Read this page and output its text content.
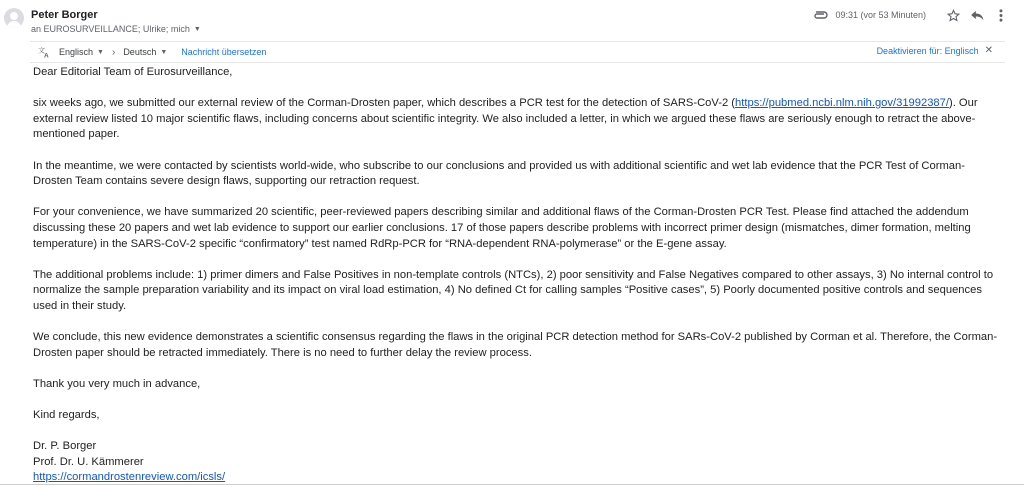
Peter Borger
an EUROSURVEILLANCE; Ulrike; mich ▼
09:31 (vor 53 Minuten)
文
A Englisch ▼ › Deutsch ▼ Nachricht übersetzen	Deaktivieren für: Englisch ✕

Dear Editorial Team of Eurosurveillance,

six weeks ago, we submitted our external review of the Corman-Drosten paper, which describes a PCR test for the detection of SARS-CoV-2 (https://pubmed.ncbi.nlm.nih.gov/31992387/). Our external review listed 10 major scientific flaws, including concerns about scientific integrity. We also included a letter, in which we argued these flaws are seriously enough to retract the above-mentioned paper.

In the meantime, we were contacted by scientists world-wide, who subscribe to our conclusions and provided us with additional scientific and wet lab evidence that the PCR Test of Corman-Drosten Team contains severe design flaws, supporting our retraction request.

For your convenience, we have summarized 20 scientific, peer-reviewed papers describing similar and additional flaws of the Corman-Drosten PCR Test. Please find attached the addendum discussing these 20 papers and wet lab evidence to support our earlier conclusions. 17 of those papers describe problems with incorrect primer design (mismatches, dimer formation, melting temperature) in the SARS-CoV-2 specific “confirmatory” test named RdRp-PCR for “RNA-dependent RNA-polymerase” or the E-gene assay.

The additional problems include: 1) primer dimers and False Positives in non-template controls (NTCs), 2) poor sensitivity and False Negatives compared to other assays, 3) No internal control to normalize the sample preparation variability and its impact on viral load estimation, 4) No defined Ct for calling samples “Positive cases”, 5) Poorly documented positive controls and sequences used in their study.

We conclude, this new evidence demonstrates a scientific consensus regarding the flaws in the original PCR detection method for SARs-CoV-2 published by Corman et al. Therefore, the Corman-Drosten paper should be retracted immediately. There is no need to further delay the review process.

Thank you very much in advance,

Kind regards,

Dr. P. Borger

Prof. Dr. U. Kämmerer

https://cormandrostenreview.com/icsls/
